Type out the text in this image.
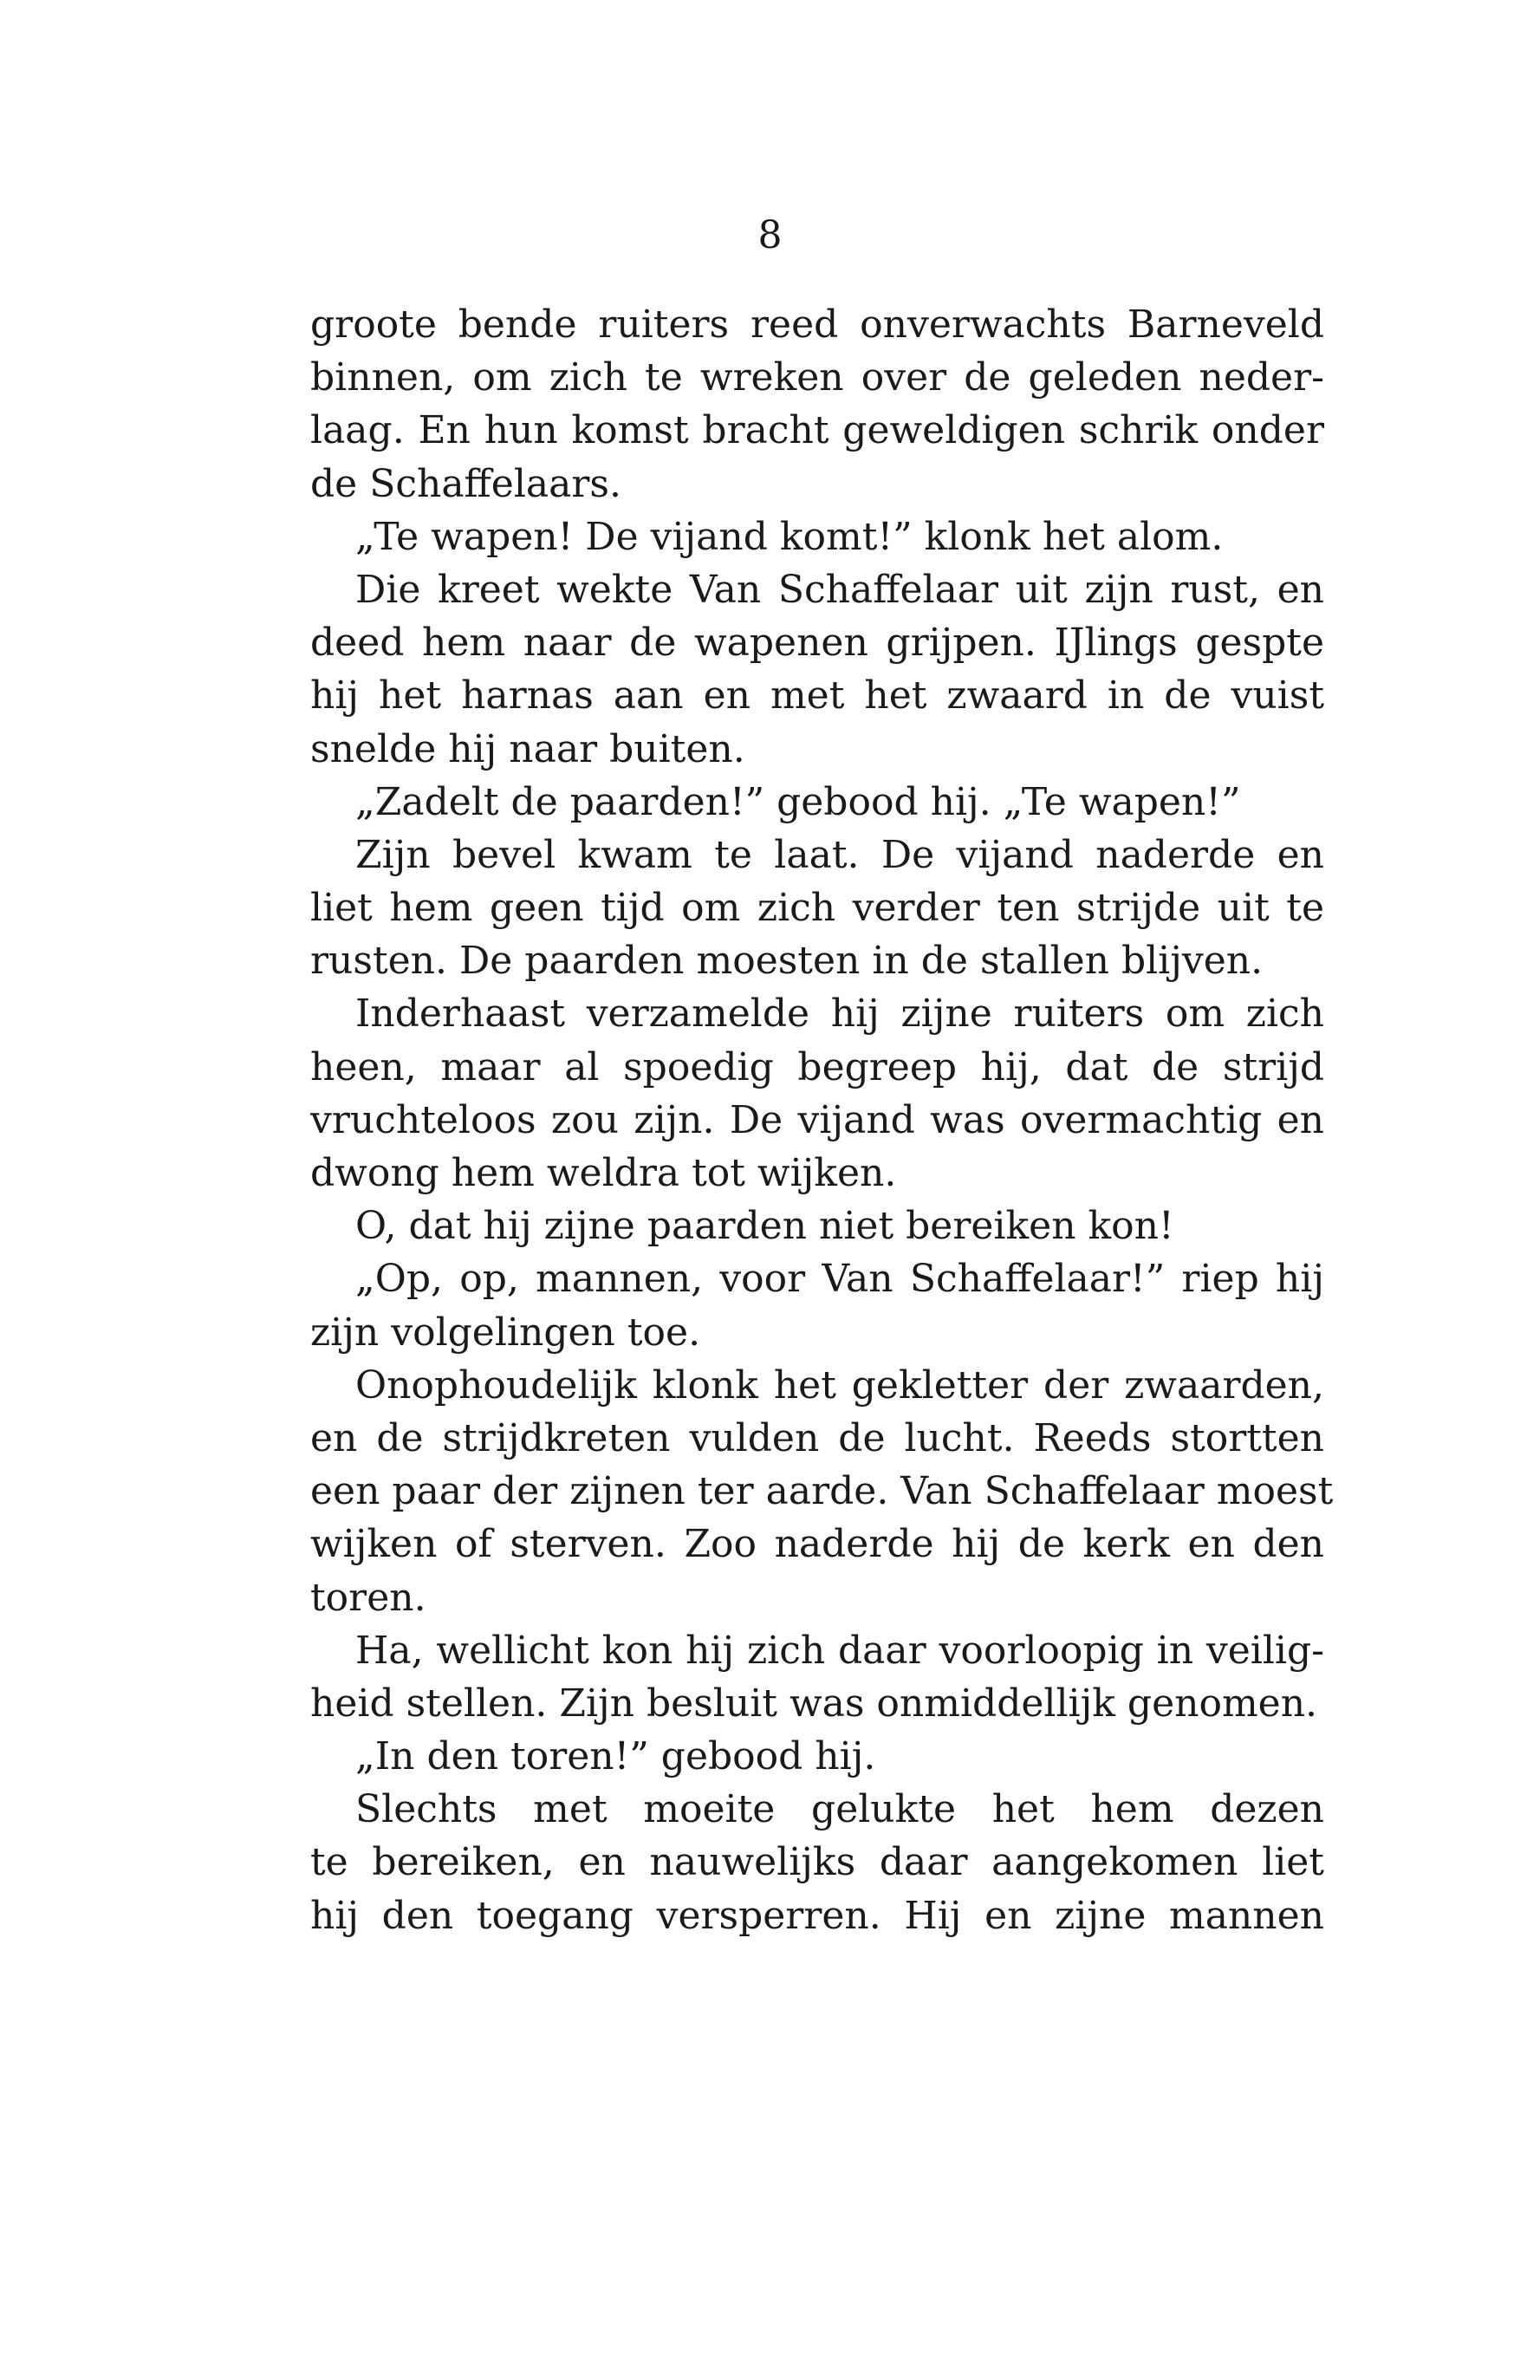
8
groote bende ruiters reed onverwachts Barneveld
binnen, om zich te wreken over de geleden neder-
laag. En hun komst bracht geweldigen schrik onder
de Schaffelaars.
„Te wapen! De vijand komt!” klonk het alom.
Die kreet wekte Van Schaffelaar uit zijn rust, en
deed hem naar de wapenen grijpen. IJlings gespte
hij het harnas aan en met het zwaard in de vuist
snelde hij naar buiten.
„Zadelt de paarden!” gebood hij. „Te wapen!”
Zijn bevel kwam te laat. De vijand naderde en
liet hem geen tijd om zich verder ten strijde uit te
rusten. De paarden moesten in de stallen blijven.
Inderhaast verzamelde hij zijne ruiters om zich
heen, maar al spoedig begreep hij, dat de strijd
vruchteloos zou zijn. De vijand was overmachtig en
dwong hem weldra tot wijken.
O, dat hij zijne paarden niet bereiken kon!
„Op, op, mannen, voor Van Schaffelaar!” riep hij
zijn volgelingen toe.
Onophoudelijk klonk het gekletter der zwaarden,
en de strijdkreten vulden de lucht. Reeds stortten
een paar der zijnen ter aarde. Van Schaffelaar moest
wijken of sterven. Zoo naderde hij de kerk en den
toren.
Ha, wellicht kon hij zich daar voorloopig in veilig-
heid stellen. Zijn besluit was onmiddellijk genomen.
„In den toren!” gebood hij.
Slechts met moeite gelukte het hem dezen
te bereiken, en nauwelijks daar aangekomen liet
hij den toegang versperren. Hij en zijne mannen
